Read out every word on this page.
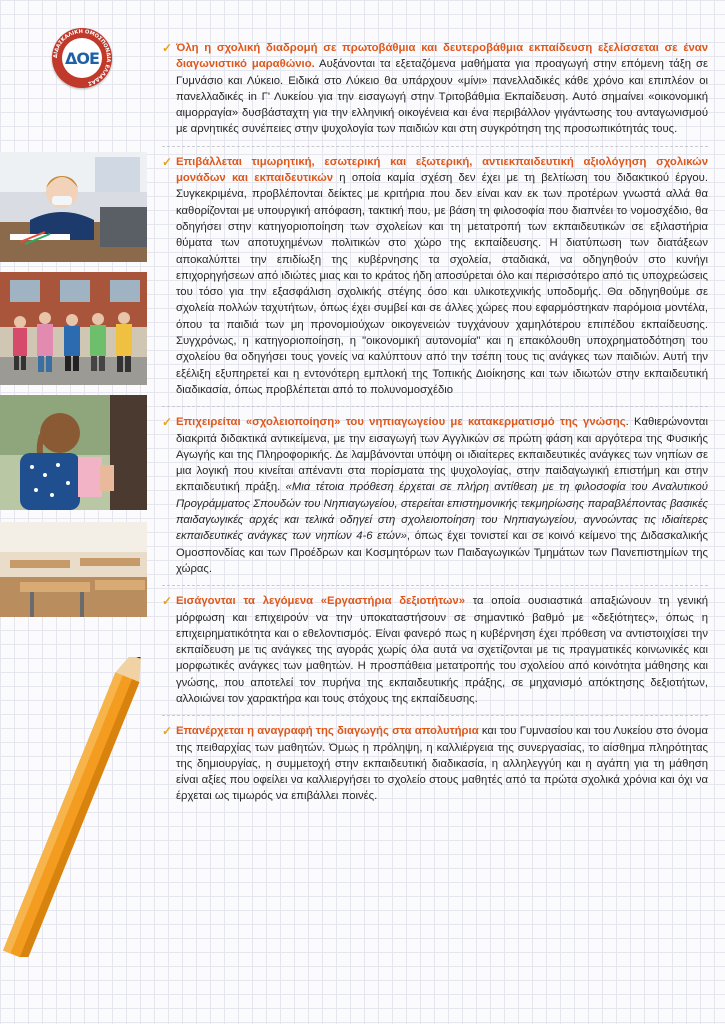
ΔΙΔΑΣΚΑΛΙΚΗ ΟΜΟΣΠΟΝΔΙΑ ΕΛΛΑΔΑΣ
ΔΟΕ

✓ Όλη η σχολική διαδρομή σε πρωτοβάθμια και δευτεροβάθμια εκπαίδευση εξελίσσεται σε έναν διαγωνιστικό μαραθώνιο. Αυξάνονται τα εξεταζόμενα μαθήματα για προαγωγή στην επόμενη τάξη σε Γυμνάσιο και Λύκειο. Ειδικά στο Λύκειο θα υπάρχουν «μίνι» πανελλαδικές κάθε χρόνο και επιπλέον οι πανελλαδικές in Γ' Λυκείου για την εισαγωγή στην Τριτοβάθμια Εκπαίδευση. Αυτό σημαίνει «οικονομική αιμορραγία» δυσβάσταχτη για την ελληνική οικογένεια και ένα περιβάλλον γιγάντωσης του ανταγωνισμού με αρνητικές συνέπειες στην ψυχολογία των παιδιών και στη συγκρότηση της προσωπικότητάς τους.

✓ Επιβάλλεται τιμωρητική, εσωτερική και εξωτερική, αντιεκπαιδευτική αξιολόγηση σχολικών μονάδων και εκπαιδευτικών η οποία καμία σχέση δεν έχει με τη βελτίωση του διδακτικού έργου. Συγκεκριμένα, προβλέπονται δείκτες με κριτήρια που δεν είναι καν εκ των προτέρων γνωστά αλλά θα καθορίζονται με υπουργική απόφαση, τακτική που, με βάση τη φιλοσοφία που διαπνέει το νομοσχέδιο, θα οδηγήσει στην κατηγοριοποίηση των σχολείων και τη μετατροπή των εκπαιδευτικών σε εξιλαστήρια θύματα των αποτυχημένων πολιτικών στο χώρο της εκπαίδευσης. Η διατύπωση των διατάξεων αποκαλύπτει την επιδίωξη της κυβέρνησης τα σχολεία, σταδιακά, να οδηγηθούν στο κυνήγι επιχορηγήσεων από ιδιώτες μιας και το κράτος ήδη αποσύρεται όλο και περισσότερο από τις υποχρεώσεις του τόσο για την εξασφάλιση σχολικής στέγης όσο και υλικοτεχνικής υποδομής. Θα οδηγηθούμε σε σχολεία πολλών ταχυτήτων, όπως έχει συμβεί και σε άλλες χώρες που εφαρμόστηκαν παρόμοια μοντέλα, όπου τα παιδιά των μη προνομιούχων οικογενειών τυγχάνουν χαμηλότερου επιπέδου εκπαίδευσης. Συγχρόνως, η κατηγοριοποίηση, η "οικονομική αυτονομία" και η επακόλουθη υποχρηματοδότηση του σχολείου θα οδηγήσει τους γονείς να καλύπτουν από την τσέπη τους τις ανάγκες των παιδιών. Αυτή την εξέλιξη εξυπηρετεί και η εντονότερη εμπλοκή της Τοπικής Διοίκησης και των ιδιωτών στην εκπαιδευτική διαδικασία, όπως προβλέπεται από το πολυνομοσχέδιο

✓ Επιχειρείται «σχολειοποίηση» του νηπιαγωγείου με κατακερματισμό της γνώσης. Καθιερώνονται διακριτά διδακτικά αντικείμενα, με την εισαγωγή των Αγγλικών σε πρώτη φάση και αργότερα της Φυσικής Αγωγής και της Πληροφορικής. Δε λαμβάνονται υπόψη οι ιδιαίτερες εκπαιδευτικές ανάγκες των νηπίων σε μια λογική που κινείται απέναντι στα πορίσματα της ψυχολογίας, στην παιδαγωγική επιστήμη και στην εκπαιδευτική πράξη. «Μια τέτοια πρόθεση έρχεται σε πλήρη αντίθεση με τη φιλοσοφία του Αναλυτικού Προγράμματος Σπουδών του Νηπιαγωγείου, στερείται επιστημονικής τεκμηρίωσης παραβλέποντας βασικές παιδαγωγικές αρχές και τελικά οδηγεί στη σχολειοποίηση του Νηπιαγωγείου, αγνοώντας τις ιδιαίτερες εκπαιδευτικές ανάγκες των νηπίων 4-6 ετών», όπως έχει τονιστεί και σε κοινό κείμενο της Διδασκαλικής Ομοσπονδίας και των Προέδρων και Κοσμητόρων των Παιδαγωγικών Τμημάτων των Πανεπιστημίων της χώρας.

✓ Εισάγονται τα λεγόμενα «Εργαστήρια δεξιοτήτων» τα οποία ουσιαστικά απαξιώνουν τη γενική μόρφωση και επιχειρούν να την υποκαταστήσουν σε σημαντικό βαθμό με «δεξιότητες», όπως η επιχειρηματικότητα και ο εθελοντισμός. Είναι φανερό πως η κυβέρνηση έχει πρόθεση να αντιστοιχίσει την εκπαίδευση με τις ανάγκες της αγοράς χωρίς όλα αυτά να σχετίζονται με τις πραγματικές κοινωνικές και μορφωτικές ανάγκες των μαθητών. Η προσπάθεια μετατροπής του σχολείου από κοινότητα μάθησης και γνώσης, που αποτελεί τον πυρήνα της εκπαιδευτικής πράξης, σε μηχανισμό απόκτησης δεξιοτήτων, αλλοιώνει τον χαρακτήρα και τους στόχους της εκπαίδευσης.

✓ Επανέρχεται η αναγραφή της διαγωγής στα απολυτήρια και του Γυμνασίου και του Λυκείου στο όνομα της πειθαρχίας των μαθητών. Όμως η πρόληψη, η καλλιέργεια της συνεργασίας, το αίσθημα πληρότητας της δημιουργίας, η συμμετοχή στην εκπαιδευτική διαδικασία, η αλληλεγγύη και η αγάπη για τη μάθηση είναι αξίες που οφείλει να καλλιεργήσει το σχολείο στους μαθητές από τα πρώτα σχολικά χρόνια και όχι να έρχεται ως τιμωρός να επιβάλλει ποινές.
